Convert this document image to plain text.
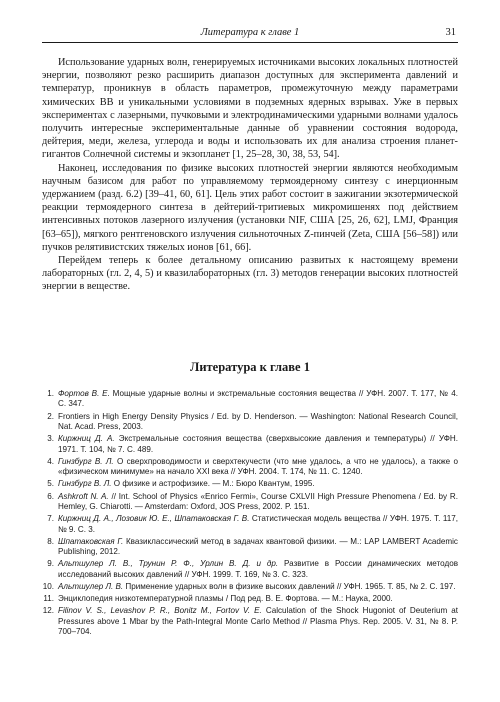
Литература к главе 1	31

Использование ударных волн, генерируемых источниками высоких локальных плотностей энергии, позволяют резко расширить диапазон доступных для эксперимента давлений и температур, проникнув в область параметров, промежуточную между параметрами химических ВВ и уникальными условиями в подземных ядерных взрывах. Уже в первых экспериментах с лазерными, пучковыми и электродинамическими ударными волнами удалось получить интересные экспериментальные данные об уравнении состояния водорода, дейтерия, меди, железа, углерода и воды и использовать их для анализа строения планет-гигантов Солнечной системы и экзопланет [1, 25–28, 30, 38, 53, 54].

Наконец, исследования по физике высоких плотностей энергии являются необходимым научным базисом для работ по управляемому термоядерному синтезу с инерционным удержанием (разд. 6.2) [39–41, 60, 61]. Цель этих работ состоит в зажигании экзотермической реакции термоядерного синтеза в дейтерий-тритиевых микромишенях под действием интенсивных потоков лазерного излучения (установки NIF, США [25, 26, 62], LMJ, Франция [63–65]), мягкого рентгеновского излучения сильноточных Z-пинчей (Zeta, США [56–58]) или пучков релятивистских тяжелых ионов [61, 66].

Перейдем теперь к более детальному описанию развитых к настоящему времени лабораторных (гл. 2, 4, 5) и квазилабораторных (гл. 3) методов генерации высоких плотностей энергии в веществе.

Литература к главе 1
1. Фортов В. Е. Мощные ударные волны и экстремальные состояния вещества // УФН. 2007. Т. 177, № 4. С. 347.
2. Frontiers in High Energy Density Physics / Ed. by D. Henderson. — Washington: National Research Council, Nat. Acad. Press, 2003.
3. Киржниц Д. А. Экстремальные состояния вещества (сверхвысокие давления и температуры) // УФН. 1971. Т. 104, № 7. С. 489.
4. Гинзбург В. Л. О сверхпроводимости и сверхтекучести (что мне удалось, а что не удалось), а также о «физическом минимуме» на начало XXI века // УФН. 2004. Т. 174, № 11. С. 1240.
5. Гинзбург В. Л. О физике и астрофизике. — М.: Бюро Квантум, 1995.
6. Ashkroft N. A. // Int. School of Physics «Enrico Fermi», Course CXLVII High Pressure Phenomena / Ed. by R. Hemley, G. Chiarotti. — Amsterdam: Oxford, JOS Press, 2002. P. 151.
7. Киржниц Д. А., Лозовик Ю. Е., Шпатаковская Г. В. Статистическая модель вещества // УФН. 1975. Т. 117, № 9. С. 3.
8. Шпатаковская Г. Квазиклассический метод в задачах квантовой физики. — M.: LAP LAMBERT Academic Publishing, 2012.
9. Альтшулер Л. В., Трунин Р. Ф., Урлин В. Д. и др. Развитие в России динамических методов исследований высоких давлений // УФН. 1999. Т. 169, № 3. С. 323.
10. Альтшулер Л. В. Применение ударных волн в физике высоких давлений // УФН. 1965. Т. 85, № 2. С. 197.
11. Энциклопедия низкотемпературной плазмы / Под ред. В. Е. Фортова. — М.: Наука, 2000.
12. Filinov V. S., Levashov P. R., Bonitz M., Fortov V. E. Calculation of the Shock Hugoniot of Deuterium at Pressures above 1 Mbar by the Path-Integral Monte Carlo Method // Plasma Phys. Rep. 2005. V. 31, № 8. P. 700–704.
